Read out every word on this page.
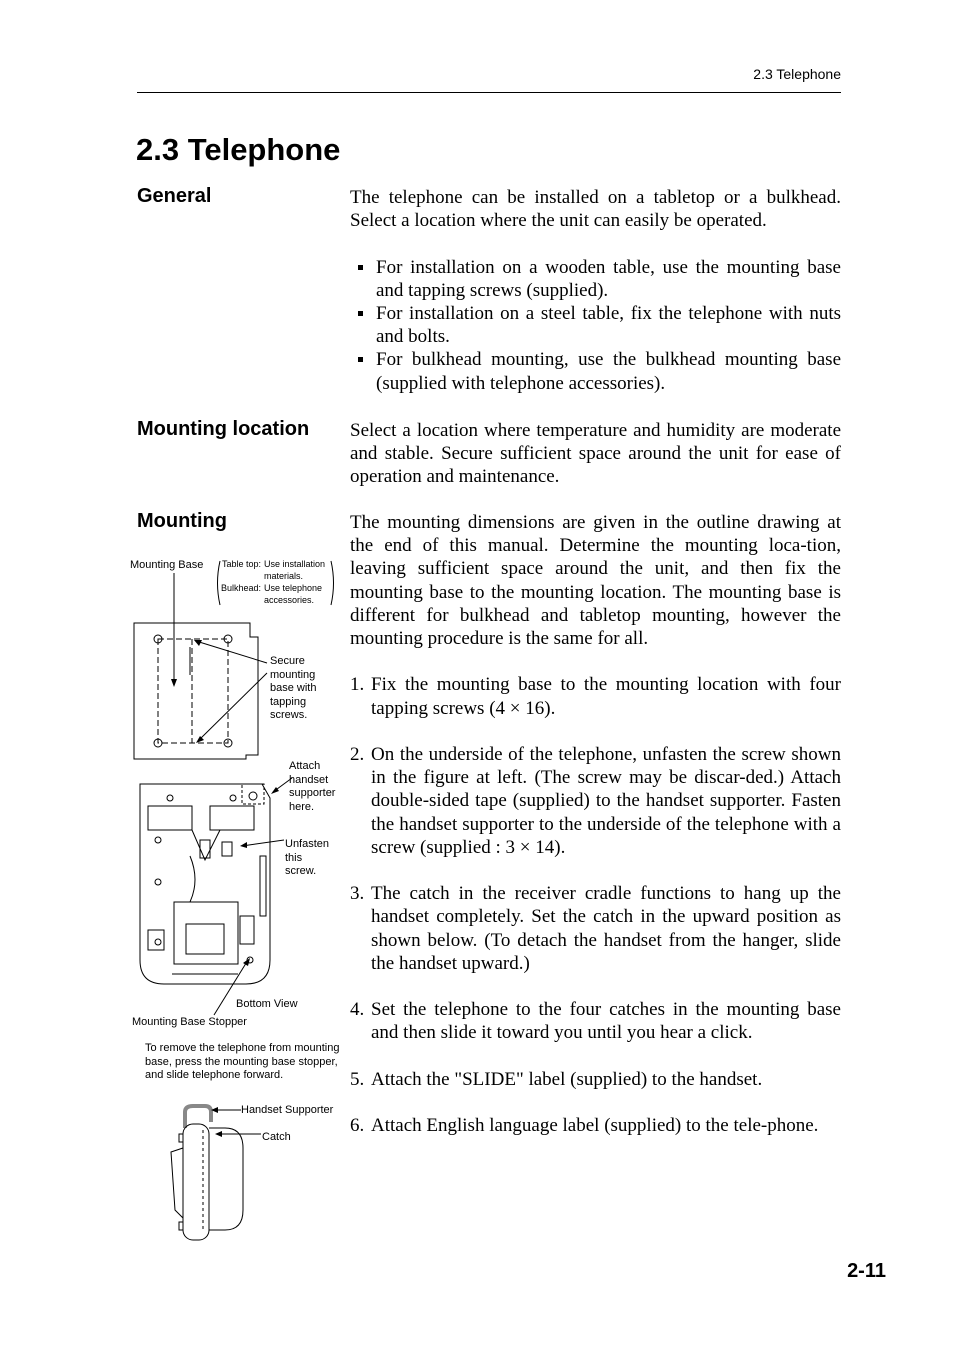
2.3 Telephone
2.3 Telephone
General	The telephone can be installed on a tabletop or a bulkhead. Select a location where the unit can easily be operated.

For installation on a wooden table, use the mounting base and tapping screws (supplied).
For installation on a steel table, fix the telephone with nuts and bolts.
For bulkhead mounting, use the bulkhead mounting base (supplied with telephone accessories).
Mounting location Select a location where temperature and humidity are moderate and stable. Secure sufficient space around the unit for ease of operation and maintenance.

Mounting	The mounting dimensions are given in the outline drawing at the end of this manual. Determine the mounting loca-tion, leaving sufficient space around the unit, and then fix the mounting base to the mounting location. The mounting base is different for bulkhead and tabletop mounting, however the mounting procedure is the same for all.

1. Fix the mounting base to the mounting location with four tapping screws (4 × 16).
2. On the underside of the telephone, unfasten the screw shown in the figure at left. (The screw may be discar-ded.) Attach double-sided tape (supplied) to the handset supporter. Fasten the handset supporter to the underside of the telephone with a screw (supplied : 3 × 14).
3. The catch in the receiver cradle functions to hang up the handset completely. Set the catch in the upward position as shown below. (To detach the handset from the hanger, slide the handset upward.)
4. Set the telephone to the four catches in the mounting base and then slide it toward you until you hear a click.
5. Attach the "SLIDE" label (supplied) to the handset.
6. Attach English language label (supplied) to the tele-phone.
Mounting Base Table top: Use installation materials.
Bulkhead: Use telephone accessories.
Secure mounting base with tapping screws.
Attach handset supporter here.
Unfasten this screw.
Bottom View
Mounting Base Stopper
To remove the telephone from mounting base, press the mounting base stopper, and slide telephone forward.
Handset Supporter
Catch
2-11
